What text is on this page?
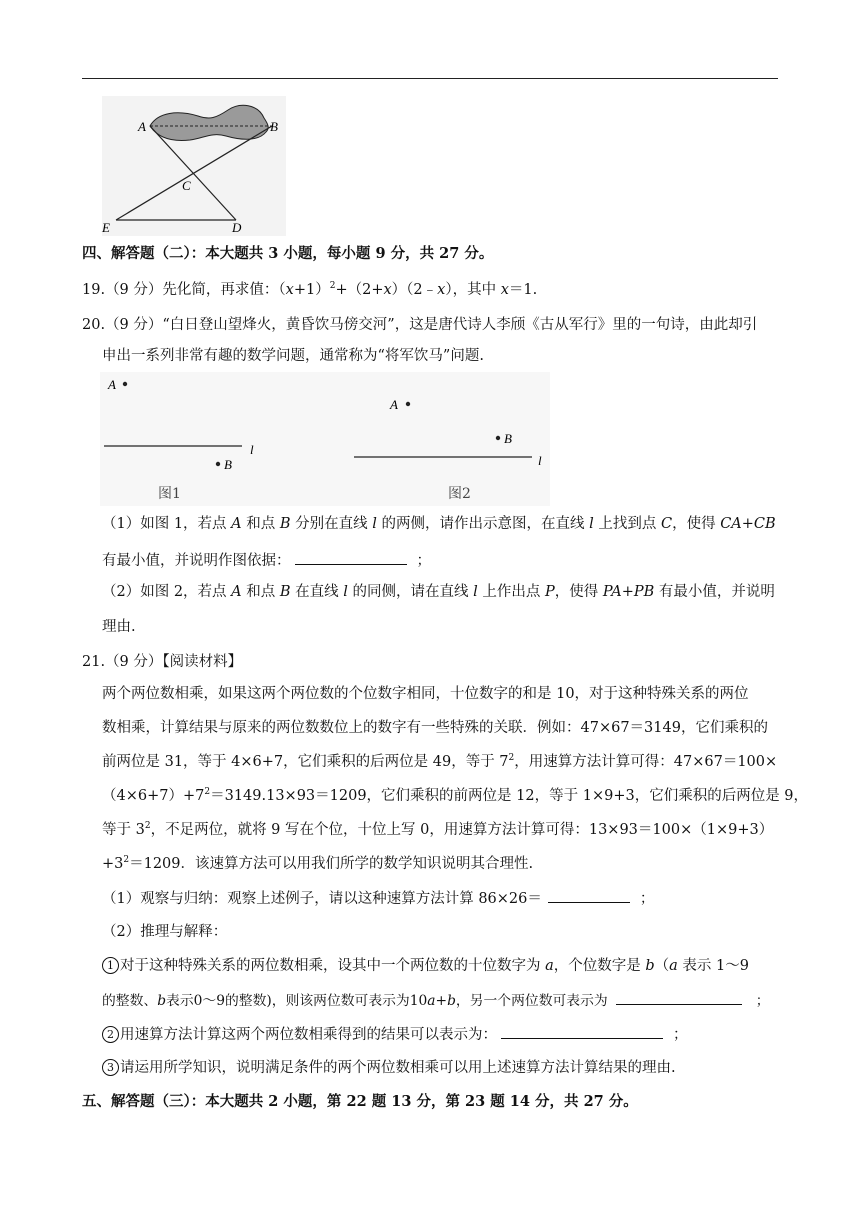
A	B
C
E	D
四、解答题（二）：本大题共 3 小题，每小题 9 分，共 27 分。
19.（9 分）先化简，再求值：$(x+1)^2+(2+x)(2﹣x)$，其中 x＝1.
20.（9 分）“白日登山望烽火，黄昏饮马傍交河”，这是唐代诗人李颀《古从军行》里的一句诗，由此却引
申出一系列非常有趣的数学问题，通常称为“将军饮马”问题.
A
l
B
图1
A
B
l
图2
（1）如图 1，若点 A 和点 B 分别在直线 l 的两侧，请作出示意图，在直线 l 上找到点 C，使得 CA+CB
有最小值，并说明作图依据：	；
（2）如图 2，若点 A 和点 B 在直线 l 的同侧，请在直线 l 上作出点 P，使得 PA+PB 有最小值，并说明
理由.
21.（9 分）【阅读材料】
两个两位数相乘，如果这两个两位数的个位数字相同，十位数字的和是 10，对于这种特殊关系的两位
数相乘，计算结果与原来的两位数数位上的数字有一些特殊的关联．例如：47×67＝3149，它们乘积的
前两位是 31，等于 4×6+7，它们乘积的后两位是 49，等于 $7^2$，用速算方法计算可得：47×67＝100×
$(4\times 6+7)+7^2=3149.13\times 93=1209$，它们乘积的前两位是 12，等于 1×9+3，它们乘积的后两位是 9，
等于 $3^2$，不足两位，就将 9 写在个位，十位上写 0，用速算方法计算可得：13×93＝100×（1×9+3）
$+3^2=1209$．该速算方法可以用我们所学的数学知识说明其合理性.
（1）观察与归纳：观察上述例子，请以这种速算方法计算 86×26＝	；
（2）推理与解释：
1 对于这种特殊关系的两位数相乘，设其中一个两位数的十位数字为 a，个位数字是 b（a 表示 1～9
的整数、b表示0～9的整数)，则该两位数可表示为10a+b，另一个两位数可表示为	；
2 用速算方法计算这两个两位数相乘得到的结果可以表示为：	；
3 请运用所学知识，说明满足条件的两个两位数相乘可以用上述速算方法计算结果的理由.
五、解答题（三）：本大题共 2 小题，第 22 题 13 分，第 23 题 14 分，共 27 分。
